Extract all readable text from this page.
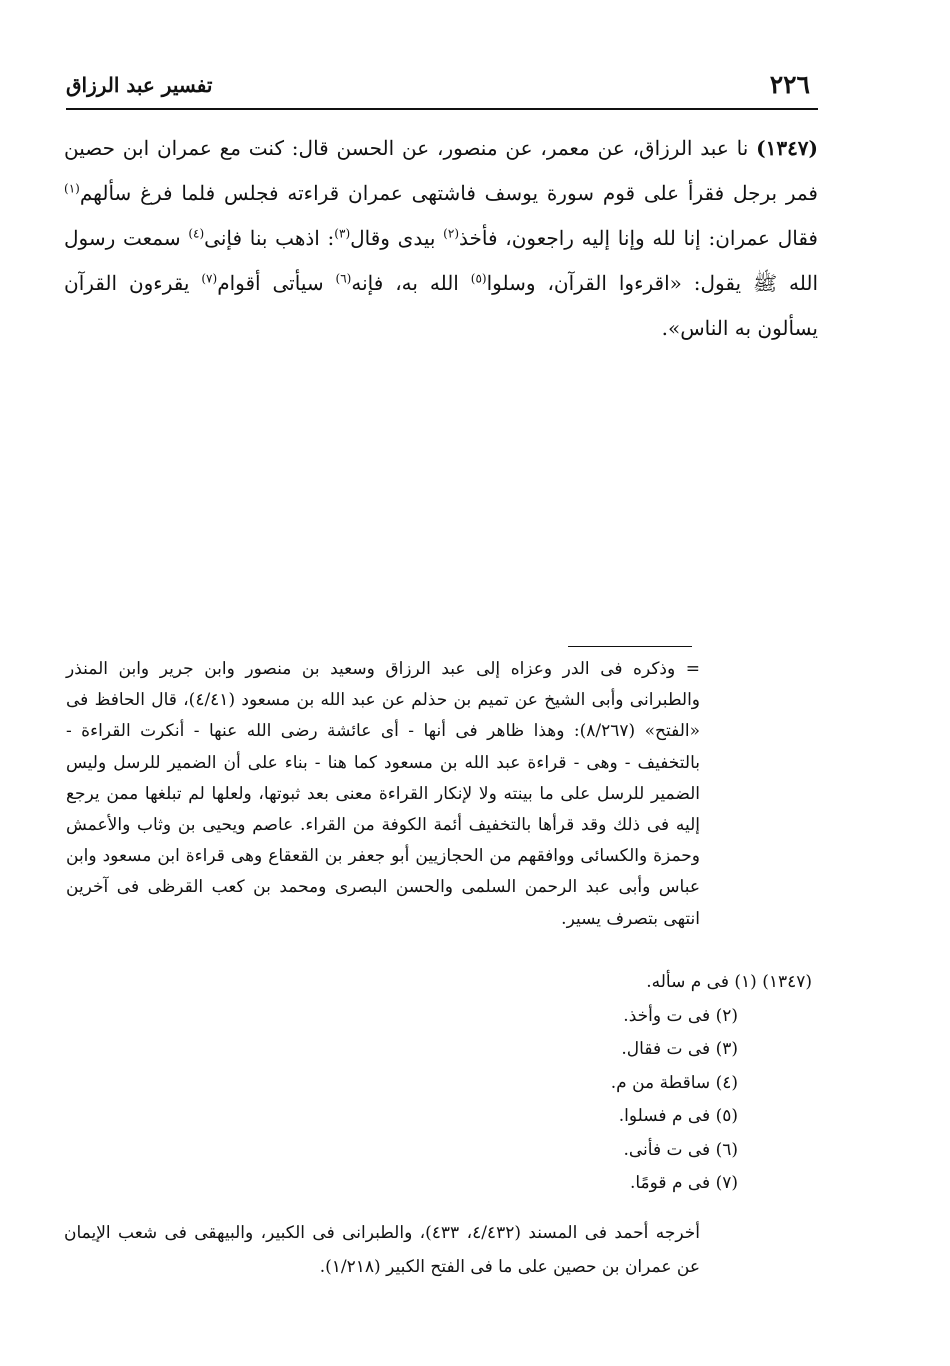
٢٢٦
تفسير عبد الرزاق
(١٣٤٧) نا عبد الرزاق، عن معمر، عن منصور، عن الحسن قال: كنت مع عمران ابن حصين فمر برجل فقرأ على قوم سورة يوسف فاشتهى عمران قراءته فجلس فلما فرغ سألهم$^{(١)}$ فقال عمران: إنا لله وإنا إليه راجعون، فأخذ$^{(٢)}$ بيدى وقال$^{(٣)}$: اذهب بنا فإنى$^{(٤)}$ سمعت رسول الله ﷺ يقول: «اقرءوا القرآن، وسلوا$^{(٥)}$ الله به، فإنه$^{(٦)}$ سيأتى أقوام$^{(٧)}$ يقرءون القرآن يسألون به الناس».
= وذكره فى الدر وعزاه إلى عبد الرزاق وسعيد بن منصور وابن جرير وابن المنذر والطبرانى وأبى الشيخ عن تميم بن حذلم عن عبد الله بن مسعود (٤/٤١)، قال الحافظ فى «الفتح» (٨/٢٦٧): وهذا ظاهر فى أنها - أى عائشة رضى الله عنها - أنكرت القراءة - بالتخفيف - وهى - قراءة عبد الله بن مسعود كما هنا - بناء على أن الضمير للرسل وليس الضمير للرسل على ما بينته ولا لإنكار القراءة معنى بعد ثبوتها، ولعلها لم تبلغها ممن يرجع إليه فى ذلك وقد قرأها بالتخفيف أئمة الكوفة من القراء. عاصم ويحيى بن وثاب والأعمش وحمزة والكسائى ووافقهم من الحجازيين أبو جعفر بن القعقاع وهى قراءة ابن مسعود وابن عباس وأبى عبد الرحمن السلمى والحسن البصرى ومحمد بن كعب القرظى فى آخرين انتهى بتصرف يسير.
(١٣٤٧) (١) فى م سأله.
(٢) فى ت وأخذ.
(٣) فى ت فقال.
(٤) ساقطة من م.
(٥) فى م فسلوا.
(٦) فى ت فأنى.
(٧) فى م قومًا.
أخرجه أحمد فى المسند (٤/٤٣٢، ٤٣٣)، والطبرانى فى الكبير، والبيهقى فى شعب الإيمان عن عمران بن حصين على ما فى الفتح الكبير (١/٢١٨).
